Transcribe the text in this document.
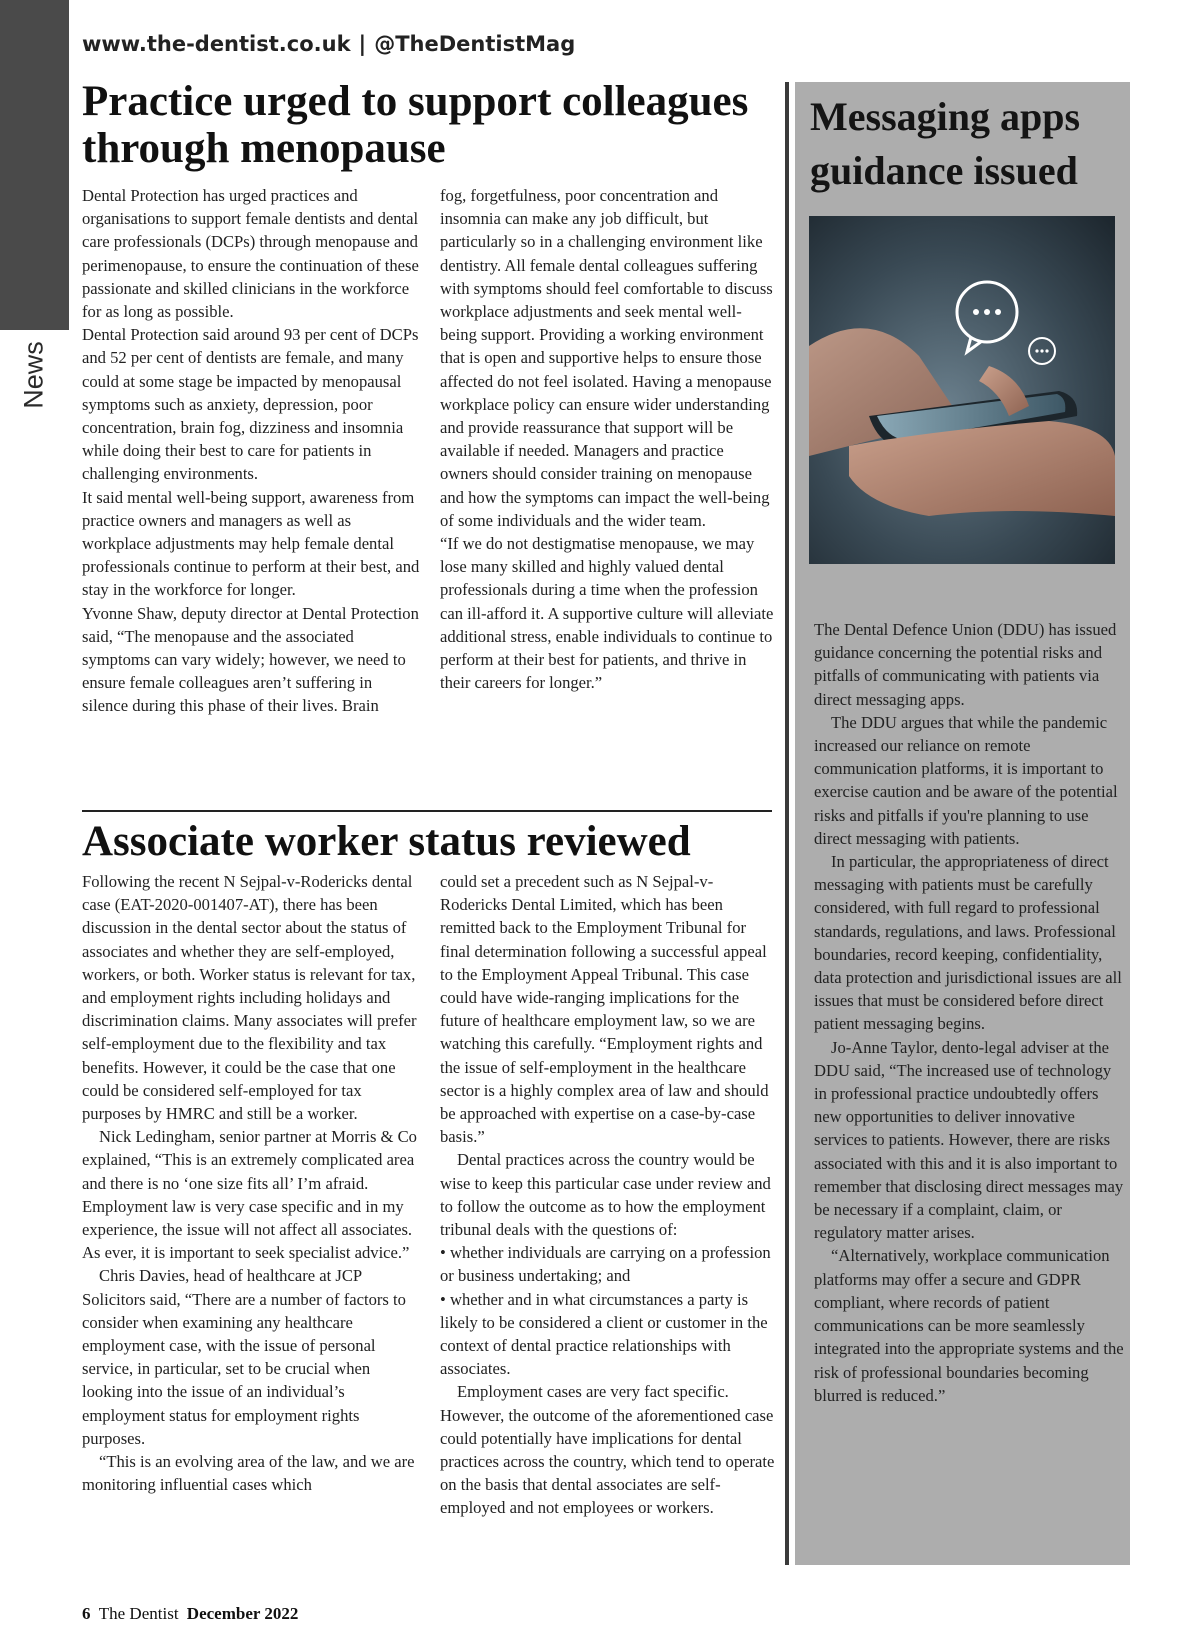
News
www.the-dentist.co.uk | @TheDentistMag
Practice urged to support colleagues through menopause

Dental Protection has urged practices and organisations to support female dentists and dental care professionals (DCPs) through menopause and perimenopause, to ensure the continuation of these passionate and skilled clinicians in the workforce for as long as possible.

Dental Protection said around 93 per cent of DCPs and 52 per cent of dentists are female, and many could at some stage be impacted by menopausal symptoms such as anxiety, depression, poor concentration, brain fog, dizziness and insomnia while doing their best to care for patients in challenging environments.

It said mental well-being support, awareness from practice owners and managers as well as workplace adjustments may help female dental professionals continue to perform at their best, and stay in the workforce for longer.

Yvonne Shaw, deputy director at Dental Protection said, “The menopause and the associated symptoms can vary widely; however, we need to ensure female colleagues aren’t suffering in silence during this phase of their lives. Brain

fog, forgetfulness, poor concentration and insomnia can make any job difficult, but particularly so in a challenging environment like dentistry. All female dental colleagues suffering with symptoms should feel comfortable to discuss workplace adjustments and seek mental well-being support. Providing a working environment that is open and supportive helps to ensure those affected do not feel isolated. Having a menopause workplace policy can ensure wider understanding and provide reassurance that support will be available if needed. Managers and practice owners should consider training on menopause and how the symptoms can impact the well-being of some individuals and the wider team.

“If we do not destigmatise menopause, we may lose many skilled and highly valued dental professionals during a time when the profession can ill-afford it. A supportive culture will alleviate additional stress, enable individuals to continue to perform at their best for patients, and thrive in their careers for longer.”

Associate worker status reviewed

Following the recent N Sejpal-v-Rodericks dental case (EAT-2020-001407-AT), there has been discussion in the dental sector about the status of associates and whether they are self-employed, workers, or both. Worker status is relevant for tax, and employment rights including holidays and discrimination claims. Many associates will prefer self-employment due to the flexibility and tax benefits. However, it could be the case that one could be considered self-employed for tax purposes by HMRC and still be a worker.

Nick Ledingham, senior partner at Morris & Co explained, “This is an extremely complicated area and there is no ‘one size fits all’ I’m afraid. Employment law is very case specific and in my experience, the issue will not affect all associates. As ever, it is important to seek specialist advice.”

Chris Davies, head of healthcare at JCP Solicitors said, “There are a number of factors to consider when examining any healthcare employment case, with the issue of personal service, in particular, set to be crucial when looking into the issue of an individual’s employment status for employment rights purposes.

“This is an evolving area of the law, and we are monitoring influential cases which

could set a precedent such as N Sejpal-v-Rodericks Dental Limited, which has been remitted back to the Employment Tribunal for final determination following a successful appeal to the Employment Appeal Tribunal. This case could have wide-ranging implications for the future of healthcare employment law, so we are watching this carefully. “Employment rights and the issue of self-employment in the healthcare sector is a highly complex area of law and should be approached with expertise on a case-by-case basis.”

Dental practices across the country would be wise to keep this particular case under review and to follow the outcome as to how the employment tribunal deals with the questions of:

• whether individuals are carrying on a profession or business undertaking; and

• whether and in what circumstances a party is likely to be considered a client or customer in the context of dental practice relationships with associates.

Employment cases are very fact specific. However, the outcome of the aforementioned case could potentially have implications for dental practices across the country, which tend to operate on the basis that dental associates are self-employed and not employees or workers.

Messaging apps guidance issued

The Dental Defence Union (DDU) has issued guidance concerning the potential risks and pitfalls of communicating with patients via direct messaging apps.

The DDU argues that while the pandemic increased our reliance on remote communication platforms, it is important to exercise caution and be aware of the potential risks and pitfalls if you're planning to use direct messaging with patients.

In particular, the appropriateness of direct messaging with patients must be carefully considered, with full regard to professional standards, regulations, and laws. Professional boundaries, record keeping, confidentiality, data protection and jurisdictional issues are all issues that must be considered before direct patient messaging begins.

Jo-Anne Taylor, dento-legal adviser at the DDU said, “The increased use of technology in professional practice undoubtedly offers new opportunities to deliver innovative services to patients. However, there are risks associated with this and it is also important to remember that disclosing direct messages may be necessary if a complaint, claim, or regulatory matter arises.

“Alternatively, workplace communication platforms may offer a secure and GDPR compliant, where records of patient communications can be more seamlessly integrated into the appropriate systems and the risk of professional boundaries becoming blurred is reduced.”

6 The Dentist December 2022
